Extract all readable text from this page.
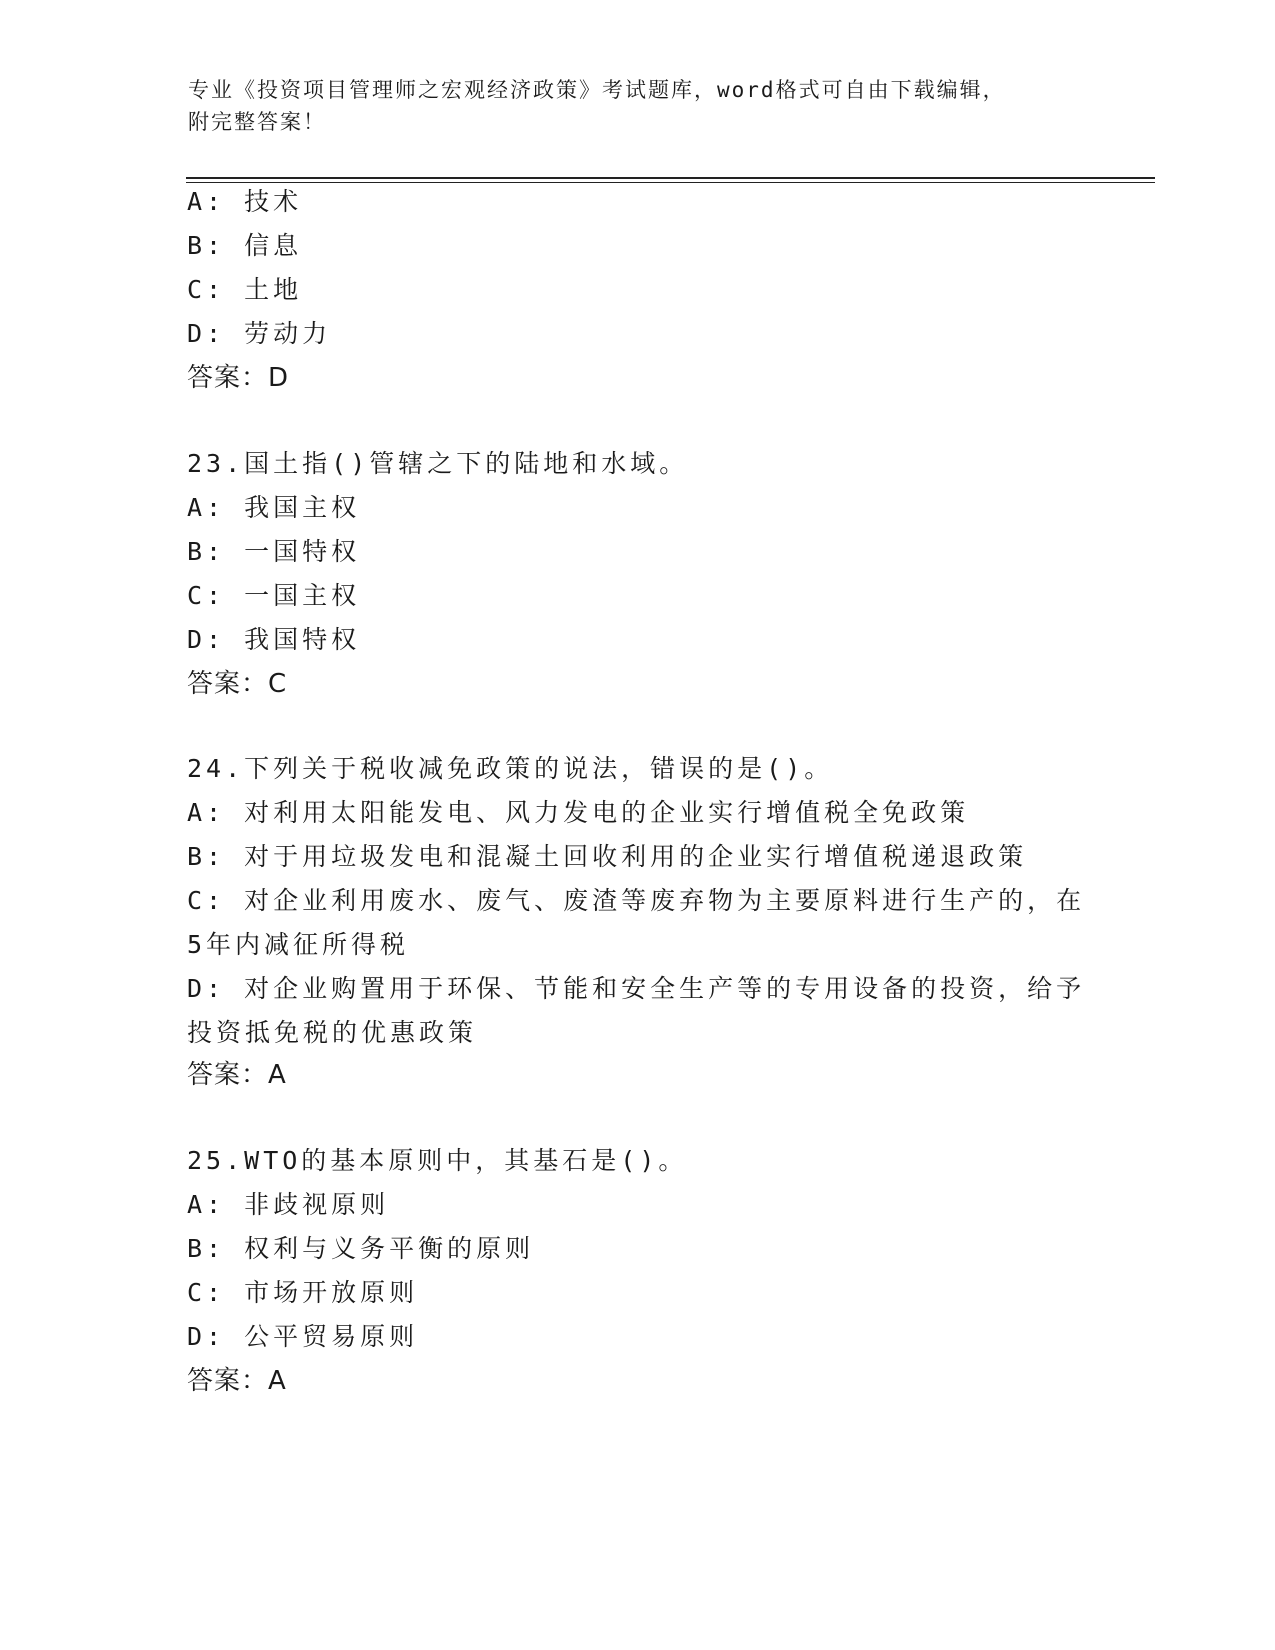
专业《投资项目管理师之宏观经济政策》考试题库，word格式可自由下载编辑，
附完整答案！
A: 技术
B: 信息
C: 土地
D: 劳动力
答案：D
23.国土指()管辖之下的陆地和水域。
A: 我国主权
B: 一国特权
C: 一国主权
D: 我国特权
答案：C
24.下列关于税收减免政策的说法，错误的是()。
A: 对利用太阳能发电、风力发电的企业实行增值税全免政策
B: 对于用垃圾发电和混凝土回收利用的企业实行增值税递退政策
C: 对企业利用废水、废气、废渣等废弃物为主要原料进行生产的，在
5年内减征所得税
D: 对企业购置用于环保、节能和安全生产等的专用设备的投资，给予
投资抵免税的优惠政策
答案：A
25.WTO的基本原则中，其基石是()。
A: 非歧视原则
B: 权利与义务平衡的原则
C: 市场开放原则
D: 公平贸易原则
答案：A
